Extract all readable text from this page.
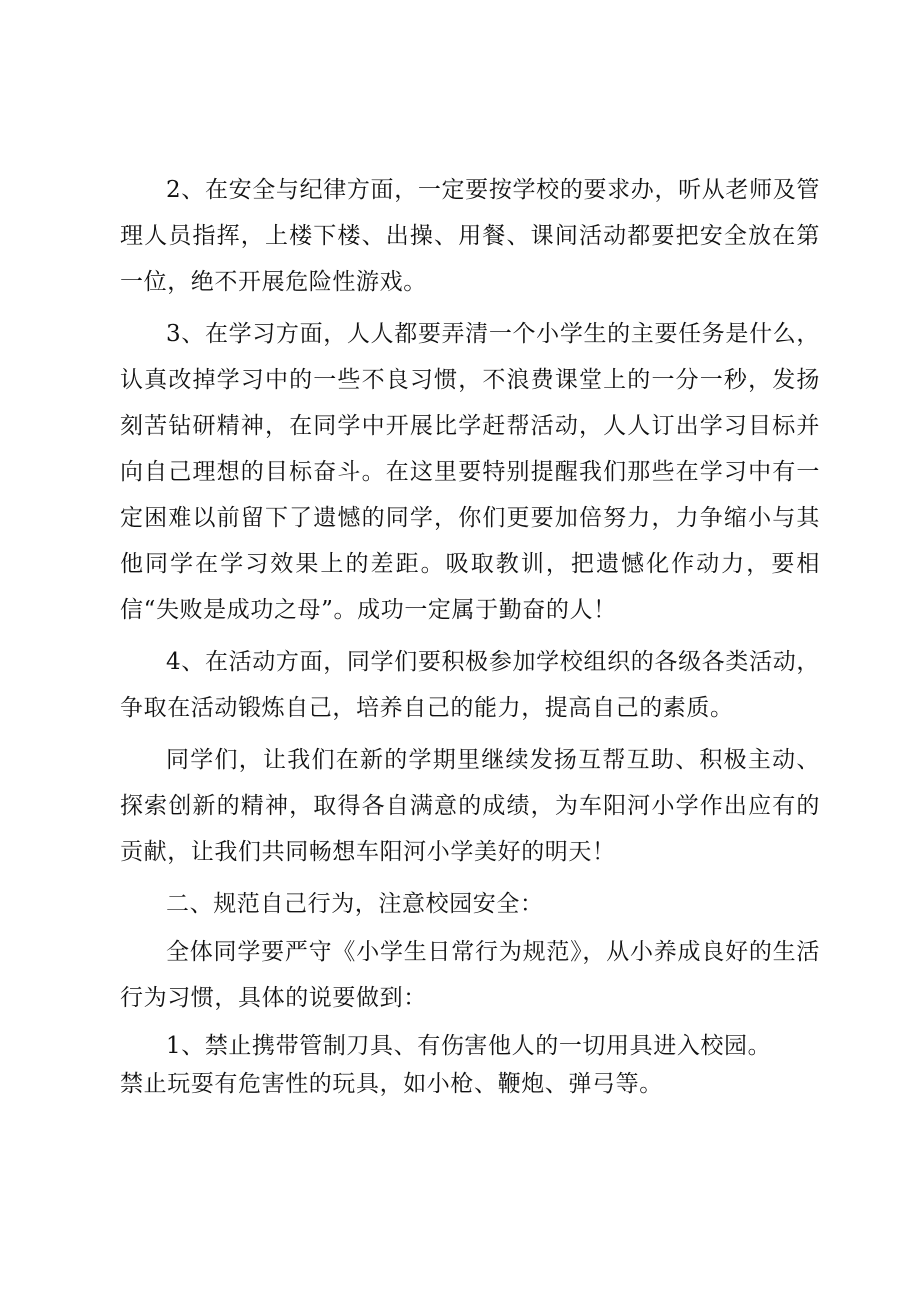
2、在安全与纪律方面，一定要按学校的要求办，听从老师及管理人员指挥，上楼下楼、出操、用餐、课间活动都要把安全放在第一位，绝不开展危险性游戏。

3、在学习方面，人人都要弄清一个小学生的主要任务是什么，认真改掉学习中的一些不良习惯，不浪费课堂上的一分一秒，发扬刻苦钻研精神，在同学中开展比学赶帮活动，人人订出学习目标并向自己理想的目标奋斗。在这里要特别提醒我们那些在学习中有一定困难以前留下了遗憾的同学，你们更要加倍努力，力争缩小与其他同学在学习效果上的差距。吸取教训，把遗憾化作动力，要相信“失败是成功之母”。成功一定属于勤奋的人！

4、在活动方面，同学们要积极参加学校组织的各级各类活动，争取在活动锻炼自己，培养自己的能力，提高自己的素质。

同学们，让我们在新的学期里继续发扬互帮互助、积极主动、探索创新的精神，取得各自满意的成绩，为车阳河小学作出应有的贡献，让我们共同畅想车阳河小学美好的明天！

二、规范自己行为，注意校园安全：

全体同学要严守《小学生日常行为规范》，从小养成良好的生活行为习惯，具体的说要做到：

1、禁止携带管制刀具、有伤害他人的一切用具进入校园。
禁止玩耍有危害性的玩具，如小枪、鞭炮、弹弓等。
